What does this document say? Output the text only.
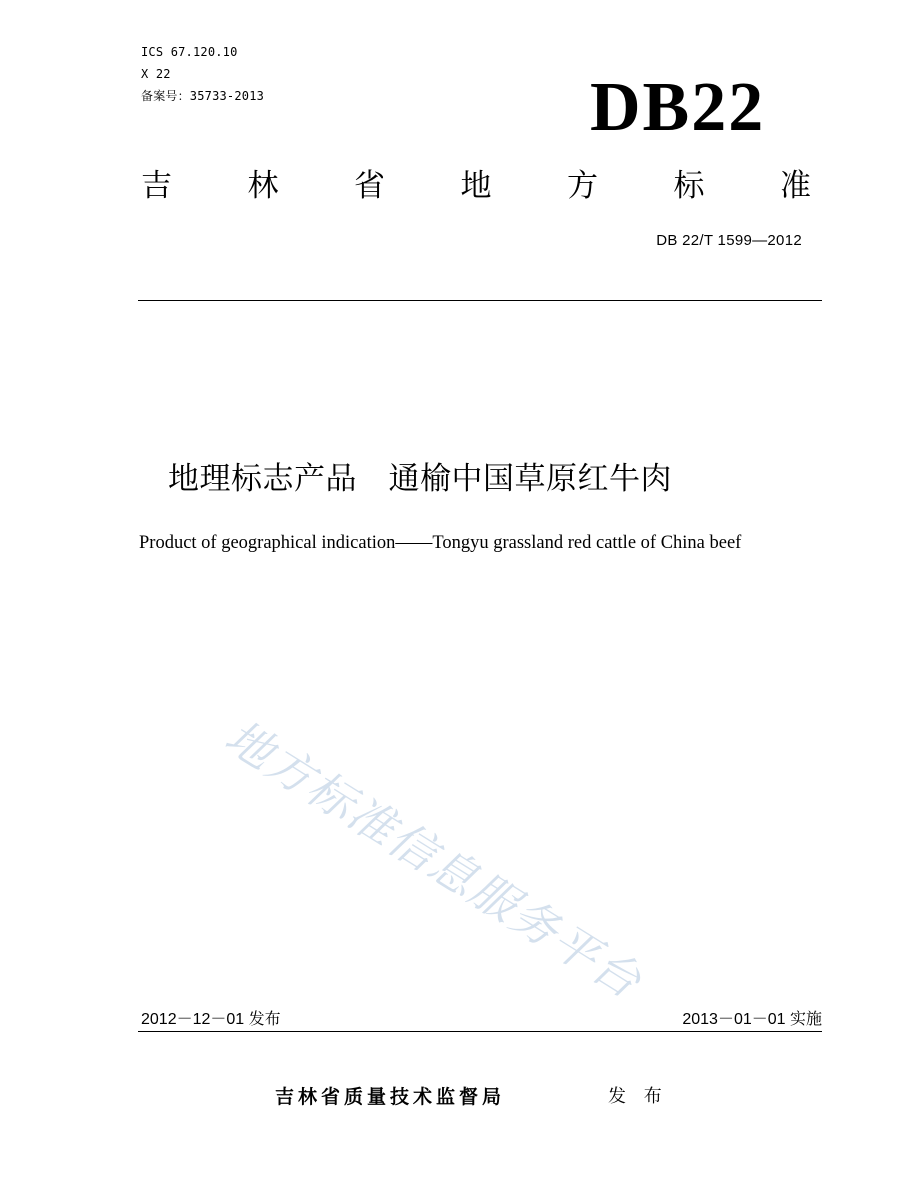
ICS 67.120.10
X 22
备案号：35733-2013	DB22
吉 林 省 地 方 标 准
DB 22/T 1599—2012
地理标志产品　通榆中国草原红牛肉
Product of geographical indication——Tongyu grassland red cattle of China beef
地方标准信息服务平台
2012－12－01 发布	2013－01－01 实施
吉林省质量技术监督局	发 布
